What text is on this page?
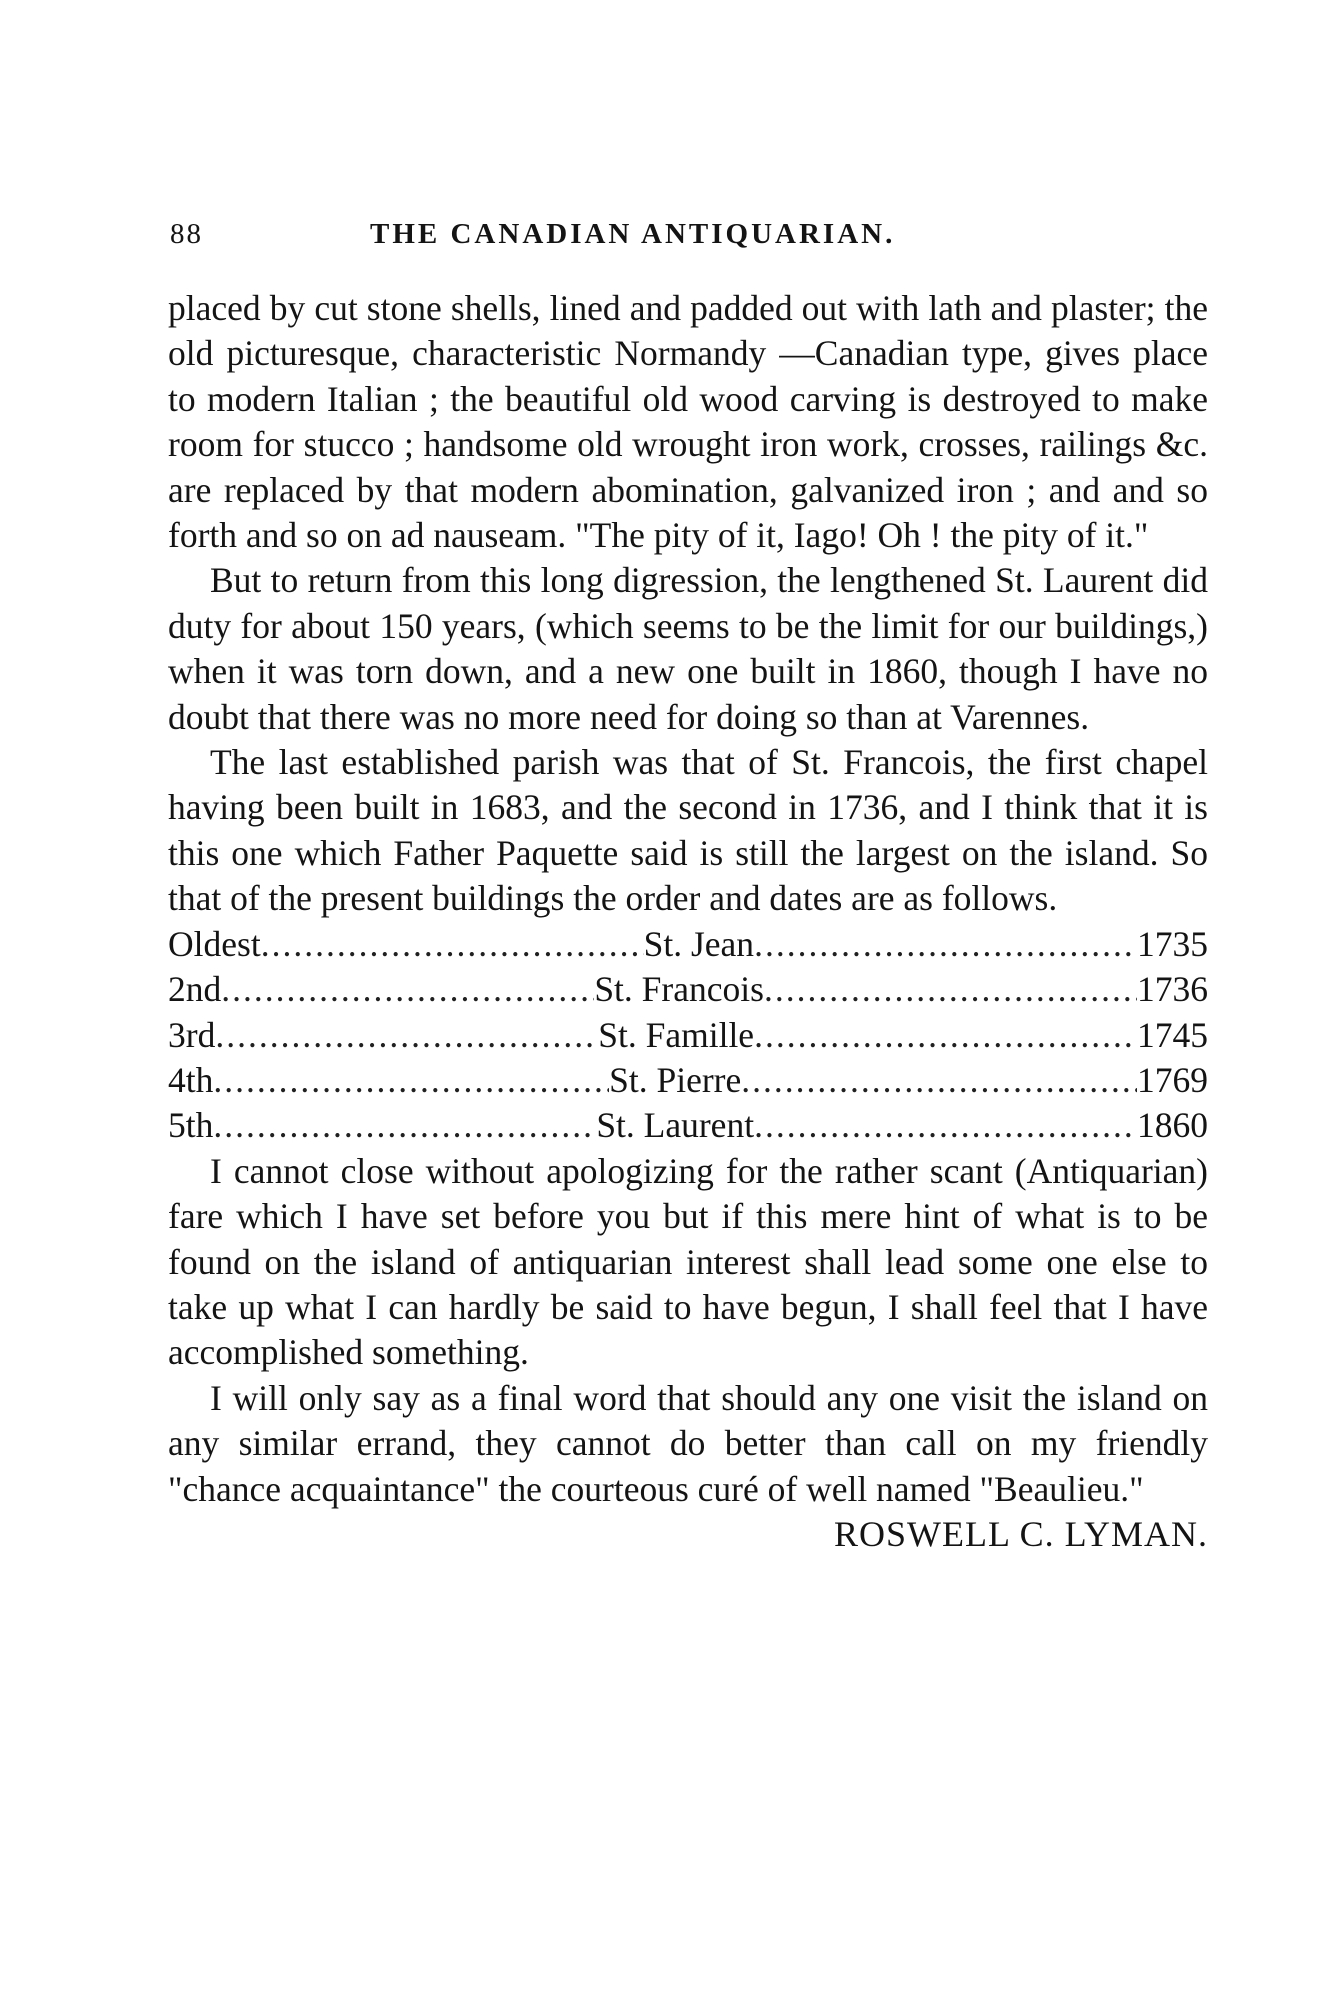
88	THE CANADIAN ANTIQUARIAN.

placed by cut stone shells, lined and padded out with lath and plaster; the old picturesque, characteristic Normandy —Canadian type, gives place to modern Italian ; the beautiful old wood carving is destroyed to make room for stucco ; handsome old wrought iron work, crosses, railings &c. are replaced by that modern abomination, galvanized iron ; and and so forth and so on ad nauseam. "The pity of it, Iago! Oh ! the pity of it."

But to return from this long digression, the lengthened St. Laurent did duty for about 150 years, (which seems to be the limit for our buildings,) when it was torn down, and a new one built in 1860, though I have no doubt that there was no more need for doing so than at Varennes.

The last established parish was that of St. Francois, the first chapel having been built in 1683, and the second in 1736, and I think that it is this one which Father Paquette said is still the largest on the island. So that of the present buildings the order and dates are as follows.

Oldest .....	St. Jean .....	1735
2nd .....	St. Francois .....	1736
3rd .....	St. Famille .....	1745
4th .....	St. Pierre .....	1769
5th .....	St. Laurent .....	1860

I cannot close without apologizing for the rather scant (Antiquarian) fare which I have set before you but if this mere hint of what is to be found on the island of antiquarian interest shall lead some one else to take up what I can hardly be said to have begun, I shall feel that I have accomplished something.

I will only say as a final word that should any one visit the island on any similar errand, they cannot do better than call on my friendly "chance acquaintance" the courteous curé of well named "Beaulieu."

ROSWELL C. LYMAN.
